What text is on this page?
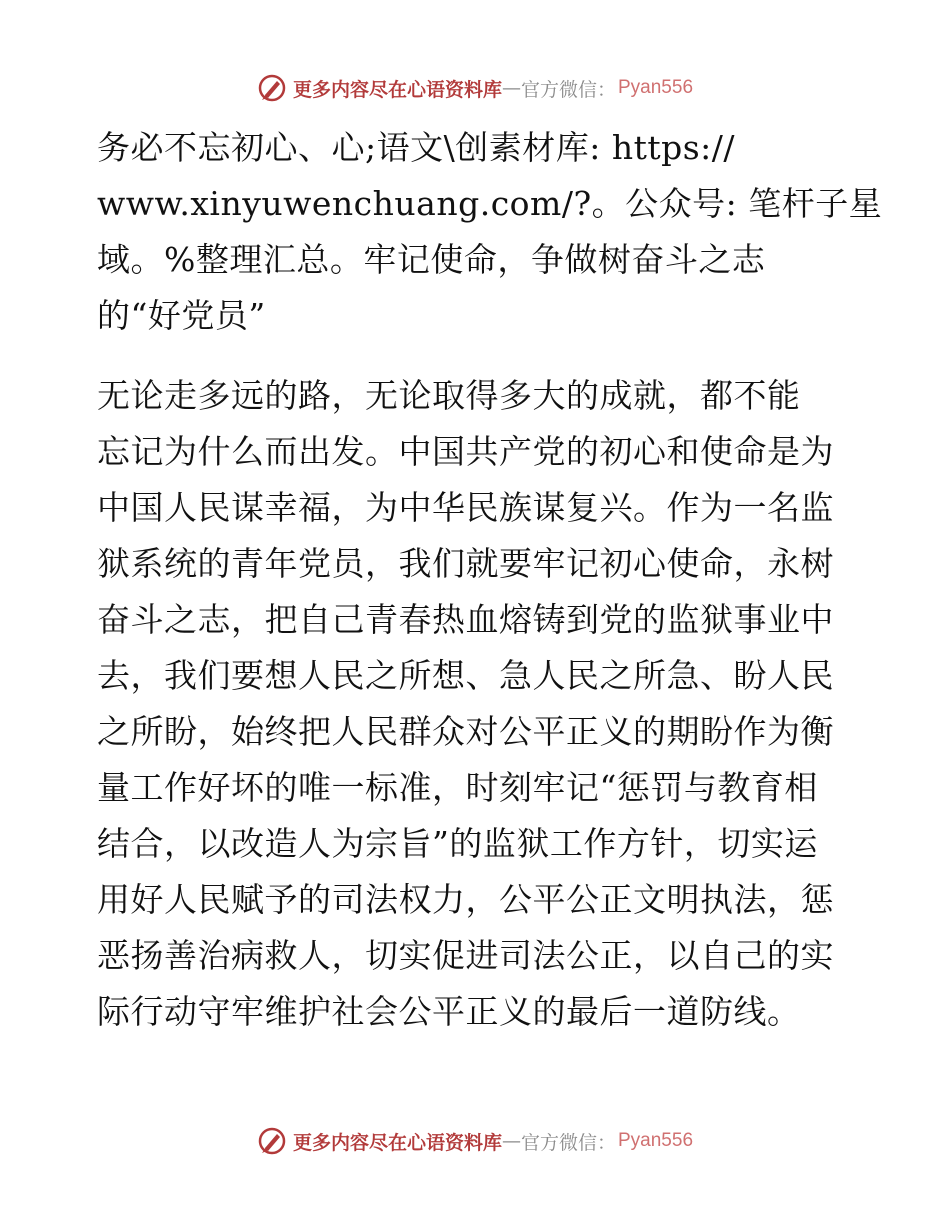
更多内容尽在心语资料库 — 官方微信： Pyan556
务必不忘初心、心;语文\创素材库: https://
www.xinyuwenchuang.com/?。公众号: 笔杆子星
域。%整理汇总。牢记使命，争做树奋斗之志
的“好党员”
无论走多远的路，无论取得多大的成就，都不能
忘记为什么而出发。中国共产党的初心和使命是为
中国人民谋幸福，为中华民族谋复兴。作为一名监
狱系统的青年党员，我们就要牢记初心使命，永树
奋斗之志，把自己青春热血熔铸到党的监狱事业中
去，我们要想人民之所想、急人民之所急、盼人民
之所盼，始终把人民群众对公平正义的期盼作为衡
量工作好坏的唯一标准，时刻牢记“惩罚与教育相
结合，以改造人为宗旨”的监狱工作方针，切实运
用好人民赋予的司法权力，公平公正文明执法，惩
恶扬善治病救人，切实促进司法公正，以自己的实
际行动守牢维护社会公平正义的最后一道防线。
更多内容尽在心语资料库 — 官方微信： Pyan556
